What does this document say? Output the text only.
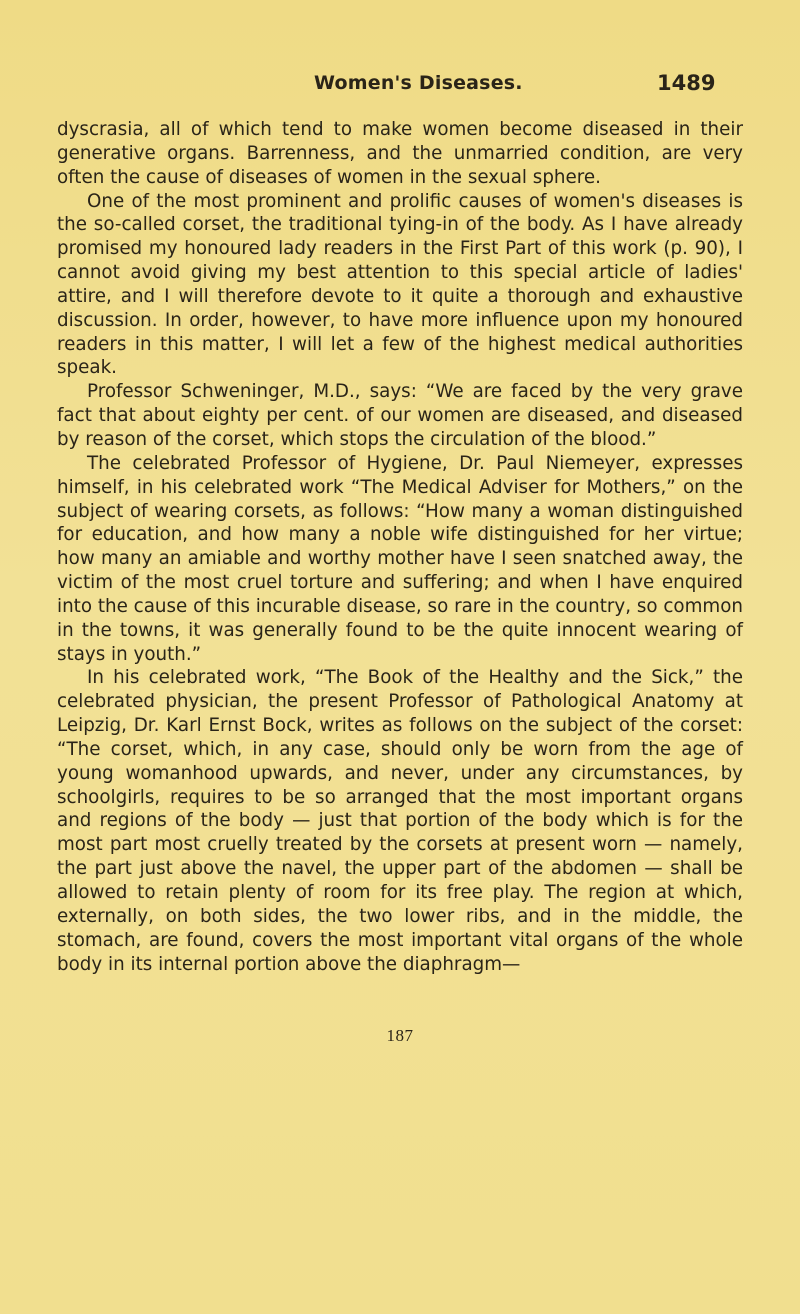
Women's Diseases.	1489

dyscrasia, all of which tend to make women become diseased in their generative organs. Barrenness, and the unmarried condition, are very often the cause of diseases of women in the sexual sphere.

One of the most prominent and prolific causes of women's diseases is the so-called corset, the traditional tying-in of the body. As I have already promised my honoured lady readers in the First Part of this work (p. 90), I cannot avoid giving my best attention to this special article of ladies' attire, and I will therefore devote to it quite a thorough and exhaustive discussion. In order, however, to have more influence upon my honoured readers in this matter, I will let a few of the highest medical authorities speak.

Professor Schweninger, M.D., says: “We are faced by the very grave fact that about eighty per cent. of our women are diseased, and diseased by reason of the corset, which stops the circulation of the blood.”

The celebrated Professor of Hygiene, Dr. Paul Niemeyer, expresses himself, in his celebrated work “The Medical Adviser for Mothers,” on the subject of wearing corsets, as follows: “How many a woman distinguished for education, and how many a noble wife distinguished for her virtue; how many an amiable and worthy mother have I seen snatched away, the victim of the most cruel torture and suffering; and when I have enquired into the cause of this incurable disease, so rare in the country, so common in the towns, it was generally found to be the quite innocent wearing of stays in youth.”

In his celebrated work, “The Book of the Healthy and the Sick,” the celebrated physician, the present Professor of Pathological Anatomy at Leipzig, Dr. Karl Ernst Bock, writes as follows on the subject of the corset: “The corset, which, in any case, should only be worn from the age of young womanhood upwards, and never, under any circumstances, by schoolgirls, requires to be so arranged that the most important organs and regions of the body — just that portion of the body which is for the most part most cruelly treated by the corsets at present worn — namely, the part just above the navel, the upper part of the abdomen — shall be allowed to retain plenty of room for its free play. The region at which, externally, on both sides, the two lower ribs, and in the middle, the stomach, are found, covers the most important vital organs of the whole body in its internal portion above the diaphragm—

187
